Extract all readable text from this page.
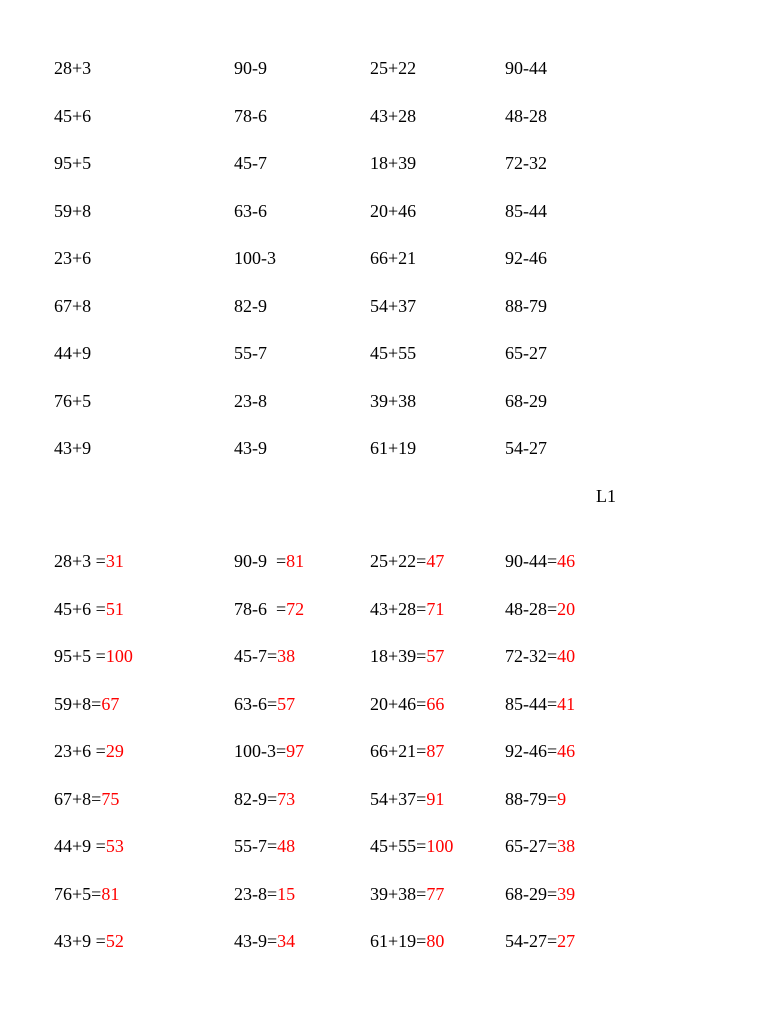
28+3	90-9	25+22	90-44
45+6	78-6	43+28	48-28
95+5	45-7	18+39	72-32
59+8	63-6	20+46	85-44
23+6	100-3	66+21	92-46
67+8	82-9	54+37	88-79
44+9	55-7	45+55	65-27
76+5	23-8	39+38	68-29
43+9	43-9	61+19	54-27
L1
28+3 =31	90-9  =81	25+22=47	90-44=46
45+6 =51	78-6  =72	43+28=71	48-28=20
95+5 =100	45-7=38	18+39=57	72-32=40
59+8=67	63-6=57	20+46=66	85-44=41
23+6 =29	100-3=97	66+21=87	92-46=46
67+8=75	82-9=73	54+37=91	88-79=9
44+9 =53	55-7=48	45+55=100	65-27=38
76+5=81	23-8=15	39+38=77	68-29=39
43+9 =52	43-9=34	61+19=80	54-27=27
